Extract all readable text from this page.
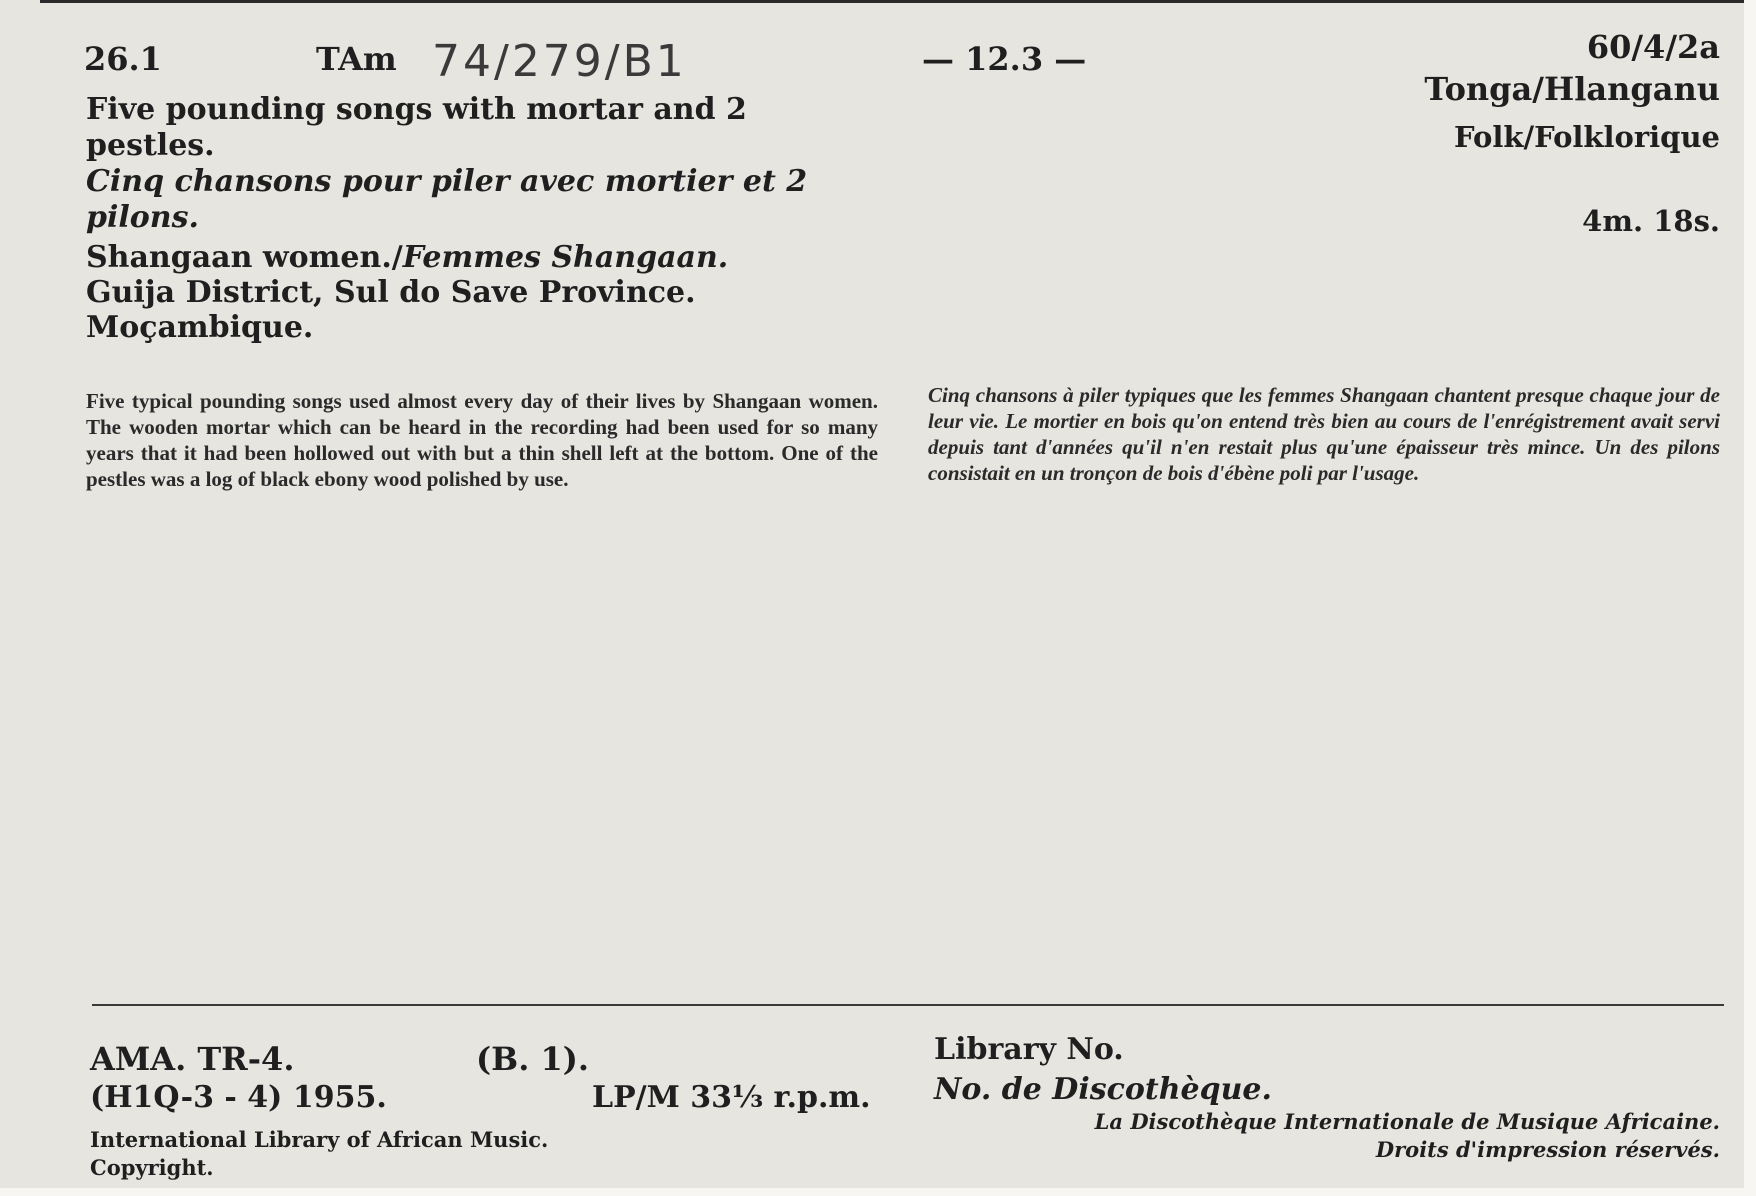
26.1	TAm 74/279/B1	— 12.3 —	60/4/2a
Tonga/Hlanganu
Folk/Folklorique
4m. 18s.
Five pounding songs with mortar and 2 pestles.
Cinq chansons pour piler avec mortier et 2 pilons.
Shangaan women./Femmes Shangaan.
Guija District, Sul do Save Province.
Moçambique.
Five typical pounding songs used almost every day of their lives by Shangaan women. The wooden mortar which can be heard in the recording had been used for so many years that it had been hollowed out with but a thin shell left at the bottom. One of the pestles was a log of black ebony wood polished by use.
Cinq chansons à piler typiques que les femmes Shangaan chantent presque chaque jour de leur vie. Le mortier en bois qu'on entend très bien au cours de l'enrégistrement avait servi depuis tant d'années qu'il n'en restait plus qu'une épaisseur très mince. Un des pilons consistait en un tronçon de bois d'ébène poli par l'usage.
AMA. TR-4.	(B. 1).
(H1Q-3 - 4) 1955.	LP/M 33⅓ r.p.m.
International Library of African Music.
Copyright.
Library No.
No. de Discothèque.
La Discothèque Internationale de Musique Africaine.
Droits d'impression réservés.
